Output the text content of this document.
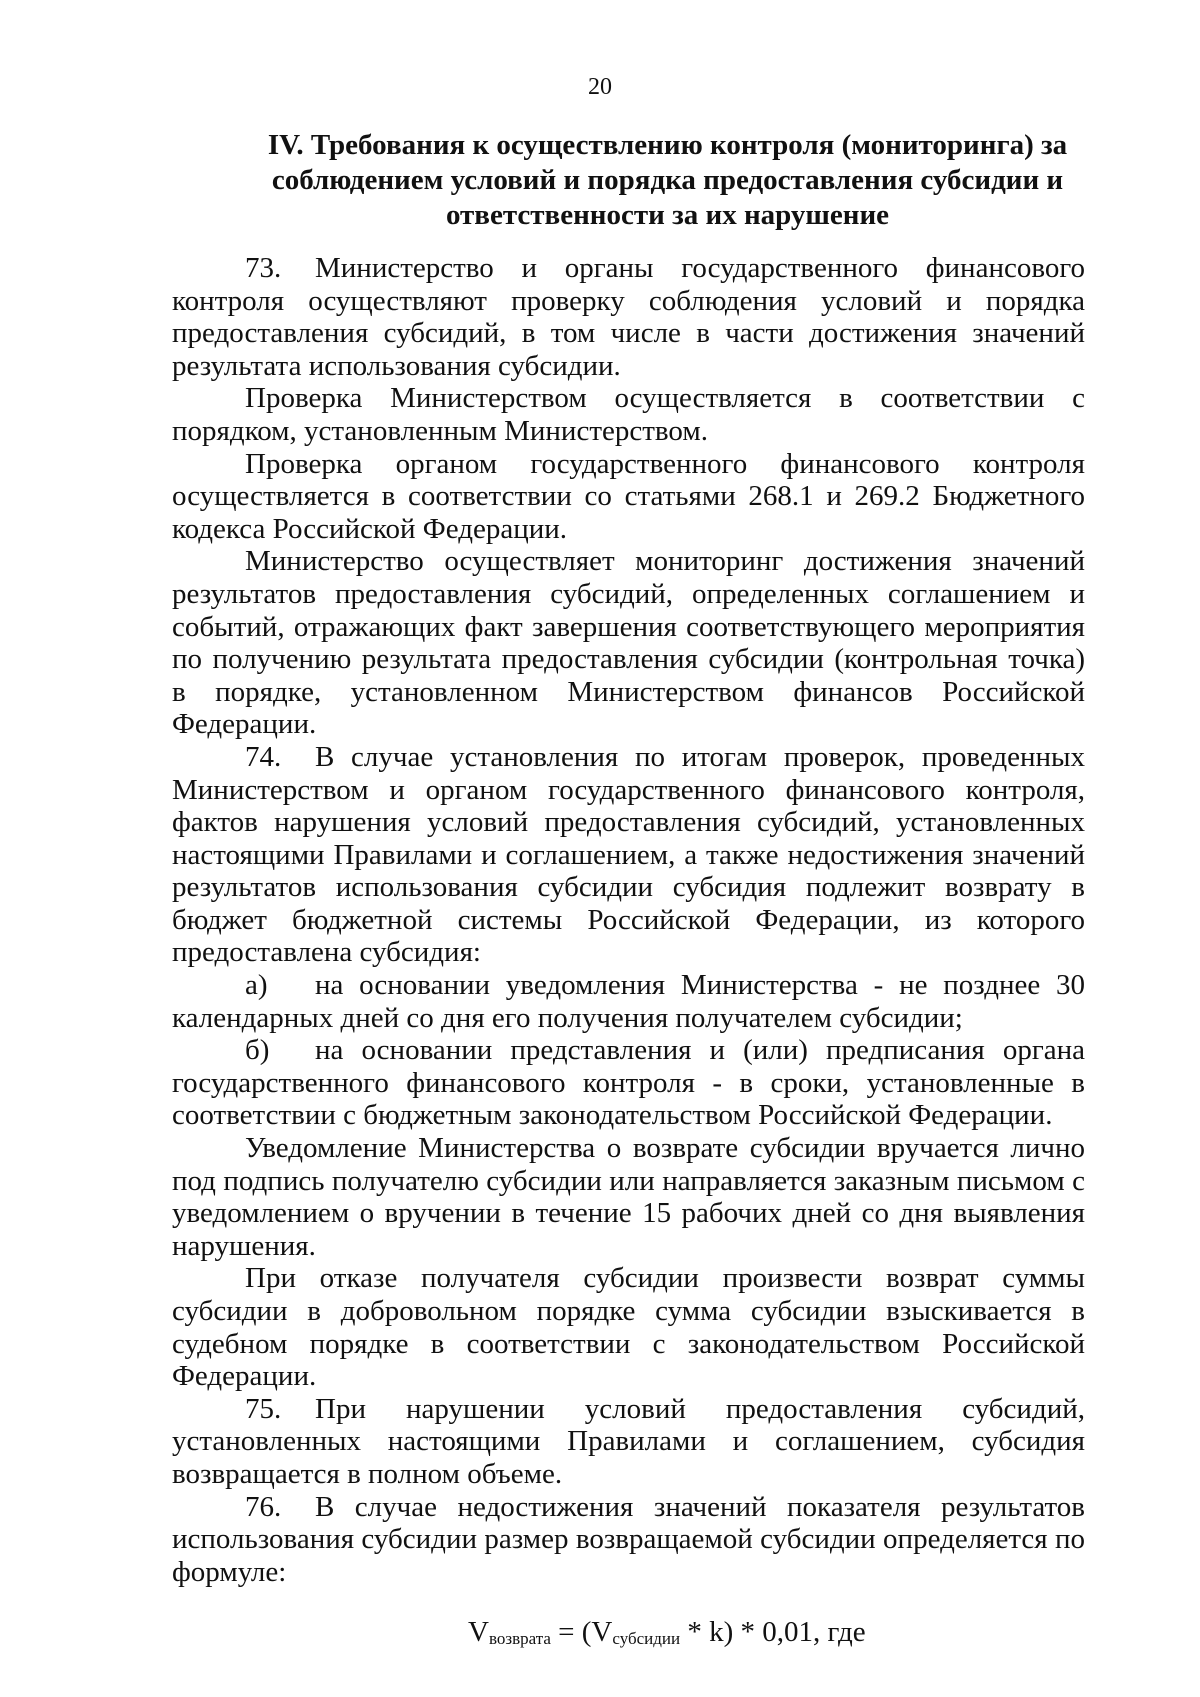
20
IV. Требования к осуществлению контроля (мониторинга) за соблюдением условий и порядка предоставления субсидии и ответственности за их нарушение

73. Министерство и органы государственного финансового контроля осуществляют проверку соблюдения условий и порядка предоставления субсидий, в том числе в части достижения значений результата использования субсидии.

Проверка Министерством осуществляется в соответствии с порядком, установленным Министерством.

Проверка органом государственного финансового контроля осуществляется в соответствии со статьями 268.1 и 269.2 Бюджетного кодекса Российской Федерации.

Министерство осуществляет мониторинг достижения значений результатов предоставления субсидий, определенных соглашением и событий, отражающих факт завершения соответствующего мероприятия по получению результата предоставления субсидии (контрольная точка) в порядке, установленном Министерством финансов Российской Федерации.

74. В случае установления по итогам проверок, проведенных Министерством и органом государственного финансового контроля, фактов нарушения условий предоставления субсидий, установленных настоящими Правилами и соглашением, а также недостижения значений результатов использования субсидии субсидия подлежит возврату в бюджет бюджетной системы Российской Федерации, из которого предоставлена субсидия:

а) на основании уведомления Министерства - не позднее 30 календарных дней со дня его получения получателем субсидии;

б) на основании представления и (или) предписания органа государственного финансового контроля - в сроки, установленные в соответствии с бюджетным законодательством Российской Федерации.

Уведомление Министерства о возврате субсидии вручается лично под подпись получателю субсидии или направляется заказным письмом с уведомлением о вручении в течение 15 рабочих дней со дня выявления нарушения.

При отказе получателя субсидии произвести возврат суммы субсидии в добровольном порядке сумма субсидии взыскивается в судебном порядке в соответствии с законодательством Российской Федерации.

75. При нарушении условий предоставления субсидий, установленных настоящими Правилами и соглашением, субсидия возвращается в полном объеме.

76. В случае недостижения значений показателя результатов использования субсидии размер возвращаемой субсидии определяется по формуле:

$V_{возврата} = (V_{субсидии} * k) * 0,01$, где
